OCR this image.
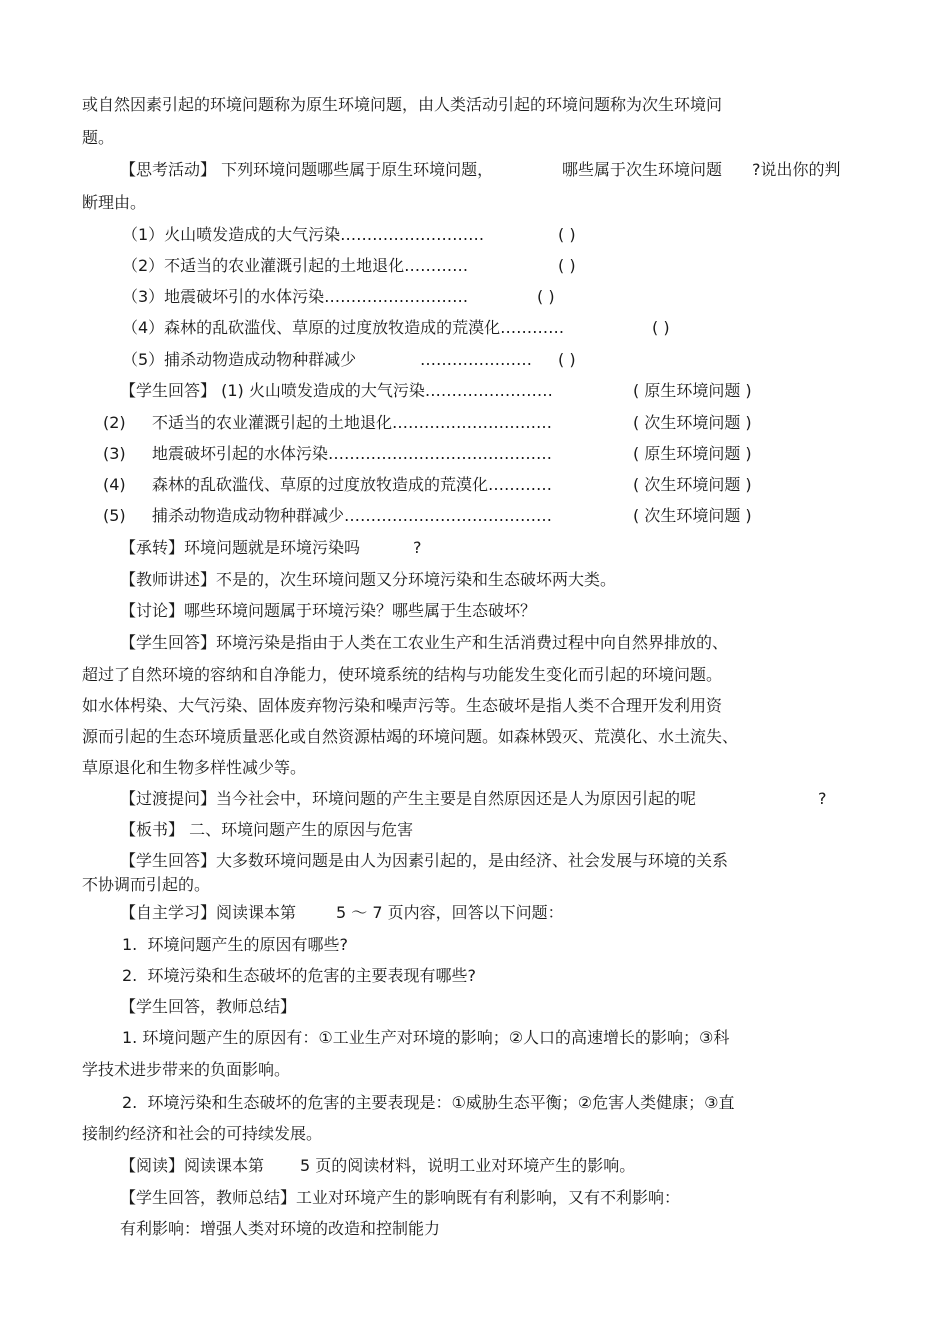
或自然因素引起的环境问题称为原生环境问题，由人类活动引起的环境问题称为次生环境问
题。
【思考活动】 下列环境问题哪些属于原生环境问题，	哪些属于次生环境问题 ?说出你的判
断理由。
（1）火山喷发造成的大气污染………………………	( )
（2）不适当的农业灌溉引起的土地退化…………	( )
（3）地震破坏引的水体污染………………………	( )
（4）森林的乱砍滥伐、草原的过度放牧造成的荒漠化…………	( )
（5）捕杀动物造成动物种群减少	………………… ( )
【学生回答】 (1) 火山喷发造成的大气污染……………………	( 原生环境问题 )
(2) 不适当的农业灌溉引起的土地退化…………………………	( 次生环境问题 )
(3) 地震破坏引起的水体污染……………………………………	( 原生环境问题 )
(4) 森林的乱砍滥伐、草原的过度放牧造成的荒漠化…………	( 次生环境问题 )
(5) 捕杀动物造成动物种群减少…………………………………	( 次生环境问题 )
【承转】环境问题就是环境污染吗	?
【教师讲述】不是的，次生环境问题又分环境污染和生态破坏两大类。
【讨论】哪些环境问题属于环境污染？哪些属于生态破坏？
【学生回答】环境污染是指由于人类在工农业生产和生活消费过程中向自然界排放的、
超过了自然环境的容纳和自净能力，使环境系统的结构与功能发生变化而引起的环境问题。
如水体枵染、大气污染、固体废弃物污染和噪声污等。生态破坏是指人类不合理开发利用资
源而引起的生态环境质量恶化或自然资源枯竭的环境问题。如森林毁灭、荒漠化、水土流失、
草原退化和生物多样性减少等。
【过渡提问】当今社会中，环境问题的产生主要是自然原因还是人为原因引起的呢	?
【板书】 二、环境问题产生的原因与危害
【学生回答】大多数环境问题是由人为因素引起的，是由经济、社会发展与环境的关系
不协调而引起的。
【自主学习】阅读课本第 5 ～ 7 页内容，回答以下问题：
1.  环境问题产生的原因有哪些?
2.  环境污染和生态破坏的危害的主要表现有哪些?
【学生回答，教师总结】
1. 环境问题产生的原因有：①工业生产对环境的影响；②人口的高速增长的影响；③科
学技术进步带来的负面影响。
2.  环境污染和生态破坏的危害的主要表现是：①威胁生态平衡；②危害人类健康；③直
接制约经济和社会的可持续发展。
【阅读】阅读课本第 5 页的阅读材料，说明工业对环境产生的影响。
【学生回答，教师总结】工业对环境产生的影响既有有利影响，又有不利影响：
有利影响：增强人类对环境的改造和控制能力
